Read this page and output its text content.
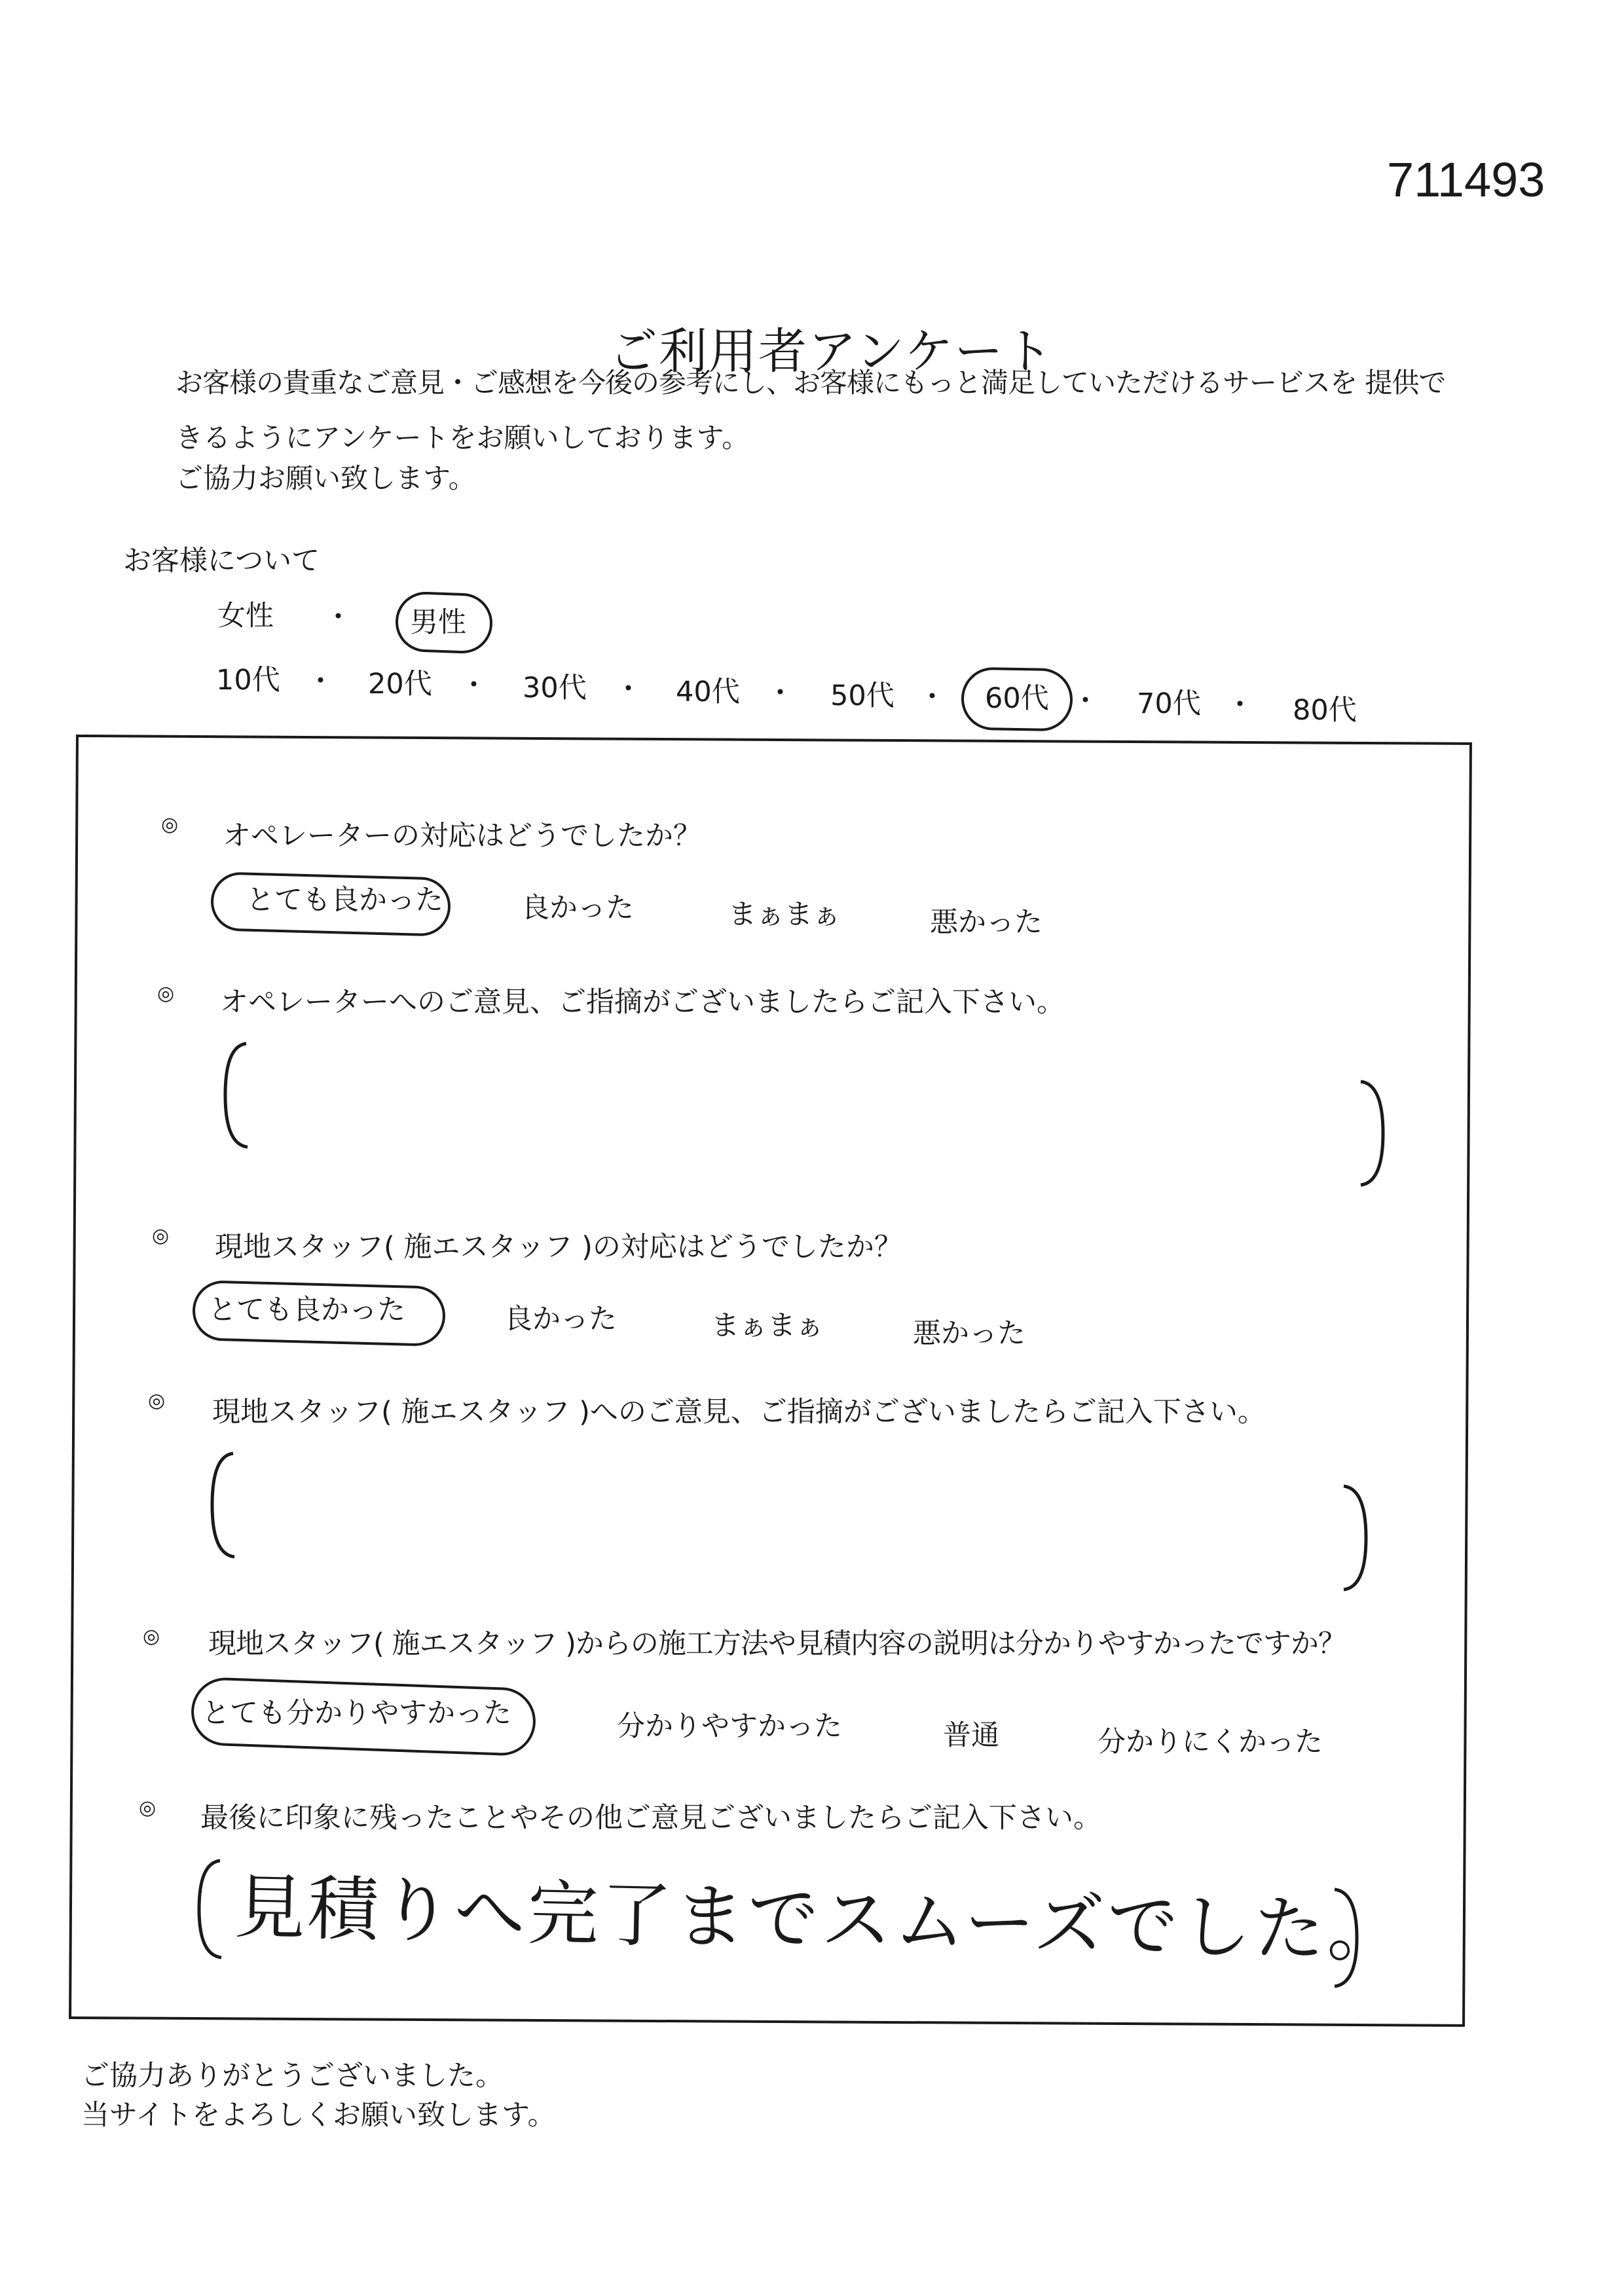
711493
ご利用者アンケート
お客様の貴重なご意見・ご感想を今後の参考にし、お客様にもっと満足していただけるサービスを 提供で
きるようにアンケートをお願いしております。
ご協力お願い致します。
お客様について
女性 ・ 男性
10代 ・ 20代 ・ 30代 ・ 40代 ・ 50代 ・ 60代 ・ 70代 ・ 80代
◎ オペレーターの対応はどうでしたか？
とても良かった	良かった	まぁまぁ	悪かった
◎ オペレーターへのご意見、ご指摘がございましたらご記入下さい。
◎ 現地スタッフ( 施エスタッフ )の対応はどうでしたか？
とても良かった	良かった	まぁまぁ	悪かった
◎ 現地スタッフ( 施エスタッフ )へのご意見、ご指摘がございましたらご記入下さい。
◎ 現地スタッフ( 施エスタッフ )からの施工方法や見積内容の説明は分かりやすかったですか？
とても分かりやすかった	分かりやすかった	普通	分かりにくかった
◎ 最後に印象に残ったことやその他ご意見ございましたらご記入下さい。
見積りへ完了までスムーズでした。
ご協力ありがとうございました。
当サイトをよろしくお願い致します。
